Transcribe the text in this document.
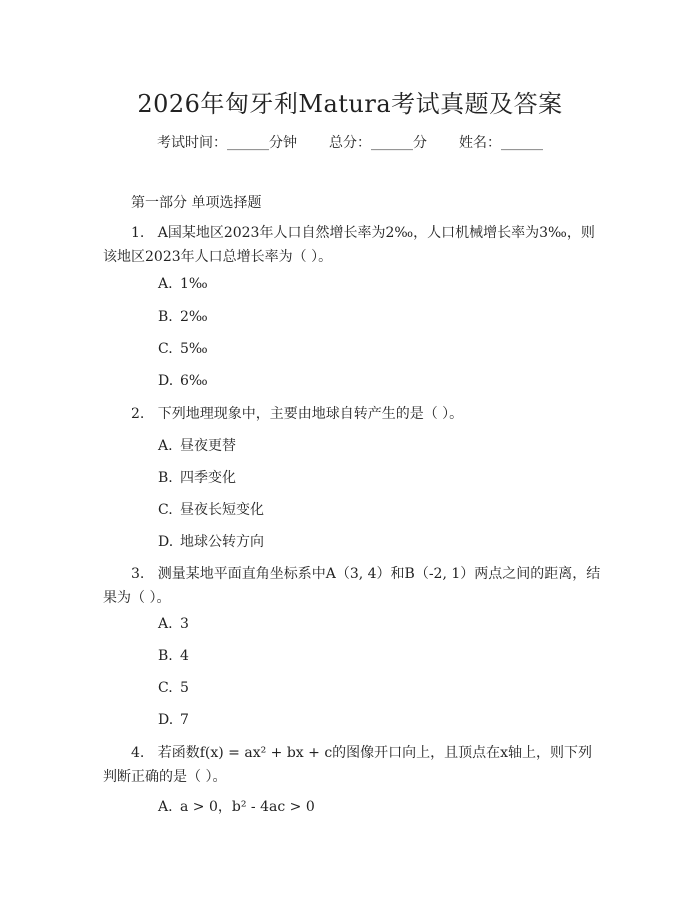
2026年匈牙利Matura考试真题及答案
考试时间：______分钟 总分：______分 姓名：______
第一部分 单项选择题
1. A国某地区2023年人口自然增长率为2‰，人口机械增长率为3‰，则该地区2023年人口总增长率为（ ）。
A. 1‰
B. 2‰
C. 5‰
D. 6‰
2. 下列地理现象中，主要由地球自转产生的是（ ）。
A. 昼夜更替
B. 四季变化
C. 昼夜长短变化
D. 地球公转方向
3. 测量某地平面直角坐标系中A（3, 4）和B（-2, 1）两点之间的距离，结果为（ ）。
A. 3
B. 4
C. 5
D. 7
4. 若函数f(x) = ax² + bx + c的图像开口向上，且顶点在x轴上，则下列判断正确的是（ ）。
A. a > 0，b² - 4ac > 0
